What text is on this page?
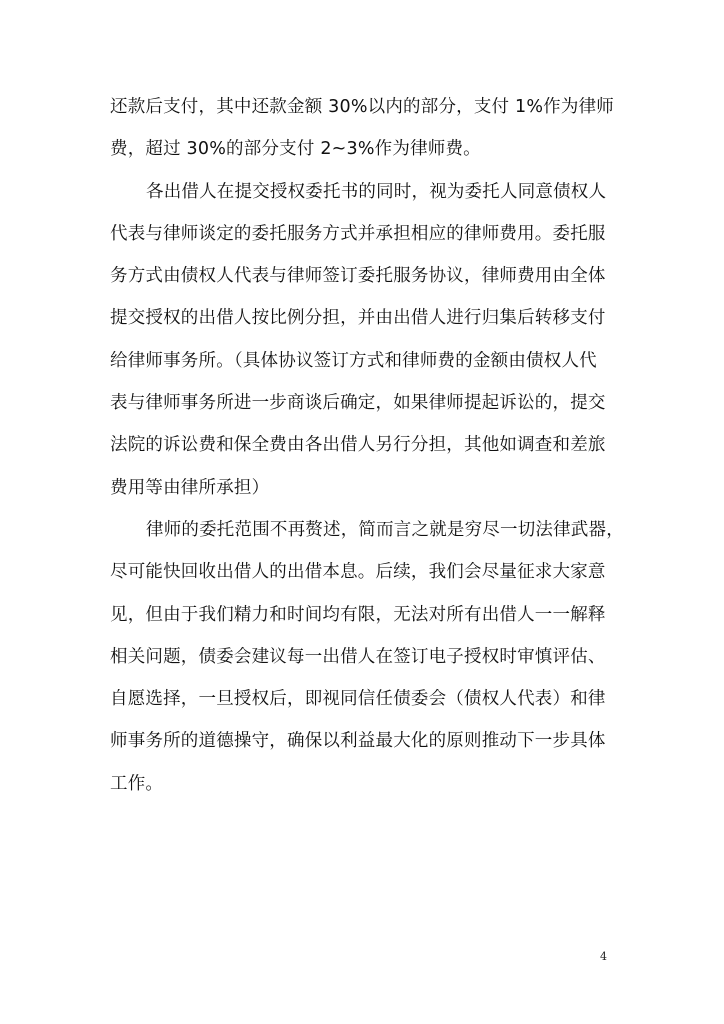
还款后支付，其中还款金额 30%以内的部分，支付 1%作为律师
费，超过 30%的部分支付 2~3%作为律师费。
各出借人在提交授权委托书的同时，视为委托人同意债权人
代表与律师谈定的委托服务方式并承担相应的律师费用。委托服
务方式由债权人代表与律师签订委托服务协议，律师费用由全体
提交授权的出借人按比例分担，并由出借人进行归集后转移支付
给律师事务所。（具体协议签订方式和律师费的金额由债权人代
表与律师事务所进一步商谈后确定，如果律师提起诉讼的，提交
法院的诉讼费和保全费由各出借人另行分担，其他如调查和差旅
费用等由律所承担）
律师的委托范围不再赘述，简而言之就是穷尽一切法律武器，
尽可能快回收出借人的出借本息。后续，我们会尽量征求大家意
见，但由于我们精力和时间均有限，无法对所有出借人一一解释
相关问题，债委会建议每一出借人在签订电子授权时审慎评估、
自愿选择，一旦授权后，即视同信任债委会（债权人代表）和律
师事务所的道德操守，确保以利益最大化的原则推动下一步具体
工作。
4
